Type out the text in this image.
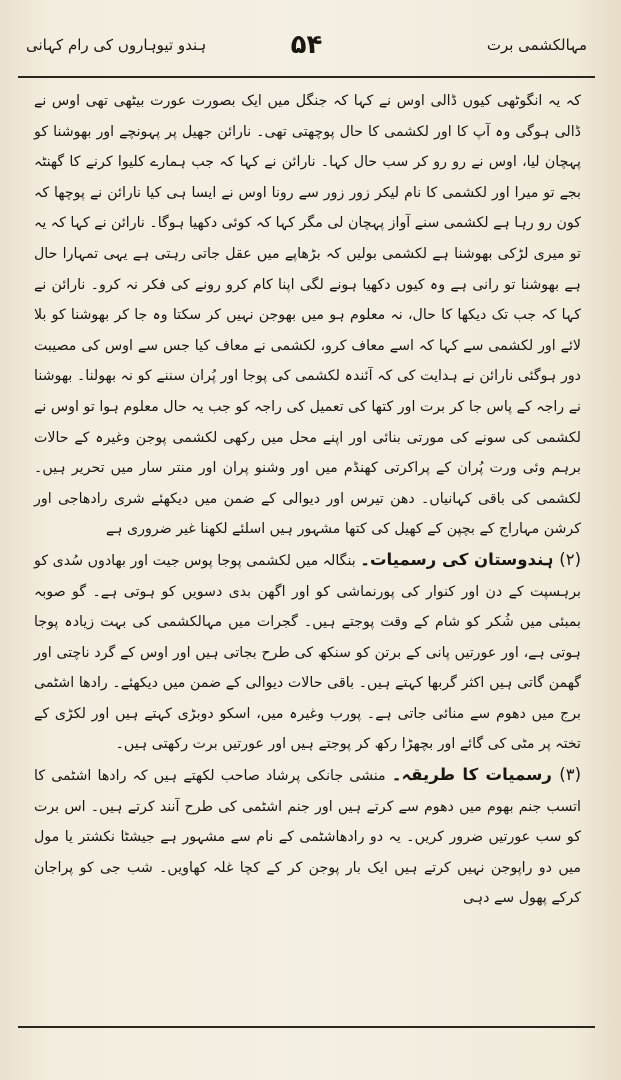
مہالکشمی برت
۵۴
ہندو تیوہاروں کی رام کہانی

کہ یہ انگوٹھی کیوں ڈالی اوس نے کہا کہ جنگل میں ایک بصورت عورت بیٹھی تھی اوس نے ڈالی ہوگی وہ آپ کا اور لکشمی کا حال پوچھتی تھی۔ نارائن جھیل پر پہونچے اور بھوشنا کو پہچان لیا، اوس نے رو رو کر سب حال کہا۔ نارائن نے کہا کہ جب ہمارے کلیوا کرنے کا گھنٹہ بجے تو میرا اور لکشمی کا نام لیکر زور زور سے رونا اوس نے ایسا ہی کیا نارائن نے پوچھا کہ کون رو رہا ہے لکشمی سنے آواز پہچان لی مگر کہا کہ کوئی دکھیا ہوگا۔ نارائن نے کہا کہ یہ تو میری لڑکی بھوشنا ہے لکشمی بولیں کہ بڑھاپے میں عقل جاتی رہتی ہے یہی تمہارا حال ہے بھوشنا تو رانی ہے وہ کیوں دکھیا ہونے لگی اپنا کام کرو رونے کی فکر نہ کرو۔ نارائن نے کہا کہ جب تک دیکھا کا حال، نہ معلوم ہو میں بھوجن نہیں کر سکتا وہ جا کر بھوشنا کو بلا لائے اور لکشمی سے کہا کہ اسے معاف کرو، لکشمی نے معاف کیا جس سے اوس کی مصیبت دور ہوگئی نارائن نے ہدایت کی کہ آئندہ لکشمی کی پوجا اور پُران سننے کو نہ بھولنا۔ بھوشنا نے راجہ کے پاس جا کر برت اور کتھا کی تعمیل کی راجہ کو جب یہ حال معلوم ہوا تو اوس نے لکشمی کی سونے کی مورتی بنائی اور اپنے محل میں رکھی لکشمی پوجن وغیرہ کے حالات برہم وئی ورت پُران کے پراکرتی کھنڈم میں اور وشنو پران اور منتر سار میں تحریر ہیں۔ لکشمی کی باقی کہانیاں۔ دھن تیرس اور دیوالی کے ضمن میں دیکھئے شری رادھاجی اور کرشن مہاراج کے بچپن کے کھیل کی کتھا مشہور ہیں اسلئے لکھنا غیر ضروری ہے

(۲) ہندوستان کی رسمیات۔ بنگالہ میں لکشمی پوجا پوس جیت اور بھادوں سُدی کو برہسپت کے دن اور کنوار کی پورنماشی کو اور اگھن بدی دسویں کو ہوتی ہے۔ گو صوبہ بمبئی میں شُکر کو شام کے وقت پوجتے ہیں۔ گجرات میں مہالکشمی کی بہت زیادہ پوجا ہوتی ہے، اور عورتیں پانی کے برتن کو سنکھ کی طرح بجاتی ہیں اور اوس کے گرد ناچتی اور گھمن گاتی ہیں اکثر گربھا کہتے ہیں۔ باقی حالات دیوالی کے ضمن میں دیکھئے۔ رادھا اشٹمی برج میں دھوم سے منائی جاتی ہے۔ پورب وغیرہ میں، اسکو دوبڑی کہتے ہیں اور لکڑی کے تختہ پر مٹی کی گائے اور بچھڑا رکھ کر پوجتے ہیں اور عورتیں برت رکھتی ہیں۔

(۳) رسمیات کا طریقہ۔ منشی جانکی پرشاد صاحب لکھتے ہیں کہ رادھا اشٹمی کا اتسب جنم بھوم میں دھوم سے کرتے ہیں اور جنم اشٹمی کی طرح آنند کرتے ہیں۔ اس برت کو سب عورتیں ضرور کریں۔ یہ دو رادھاشٹمی کے نام سے مشہور ہے جیشٹا نکشتر یا مول میں دو راپوجن نہیں کرتے ہیں ایک بار پوجن کر کے کچا غلہ کھاویں۔ شب جی کو پراجان کرکے پھول سے دہی
